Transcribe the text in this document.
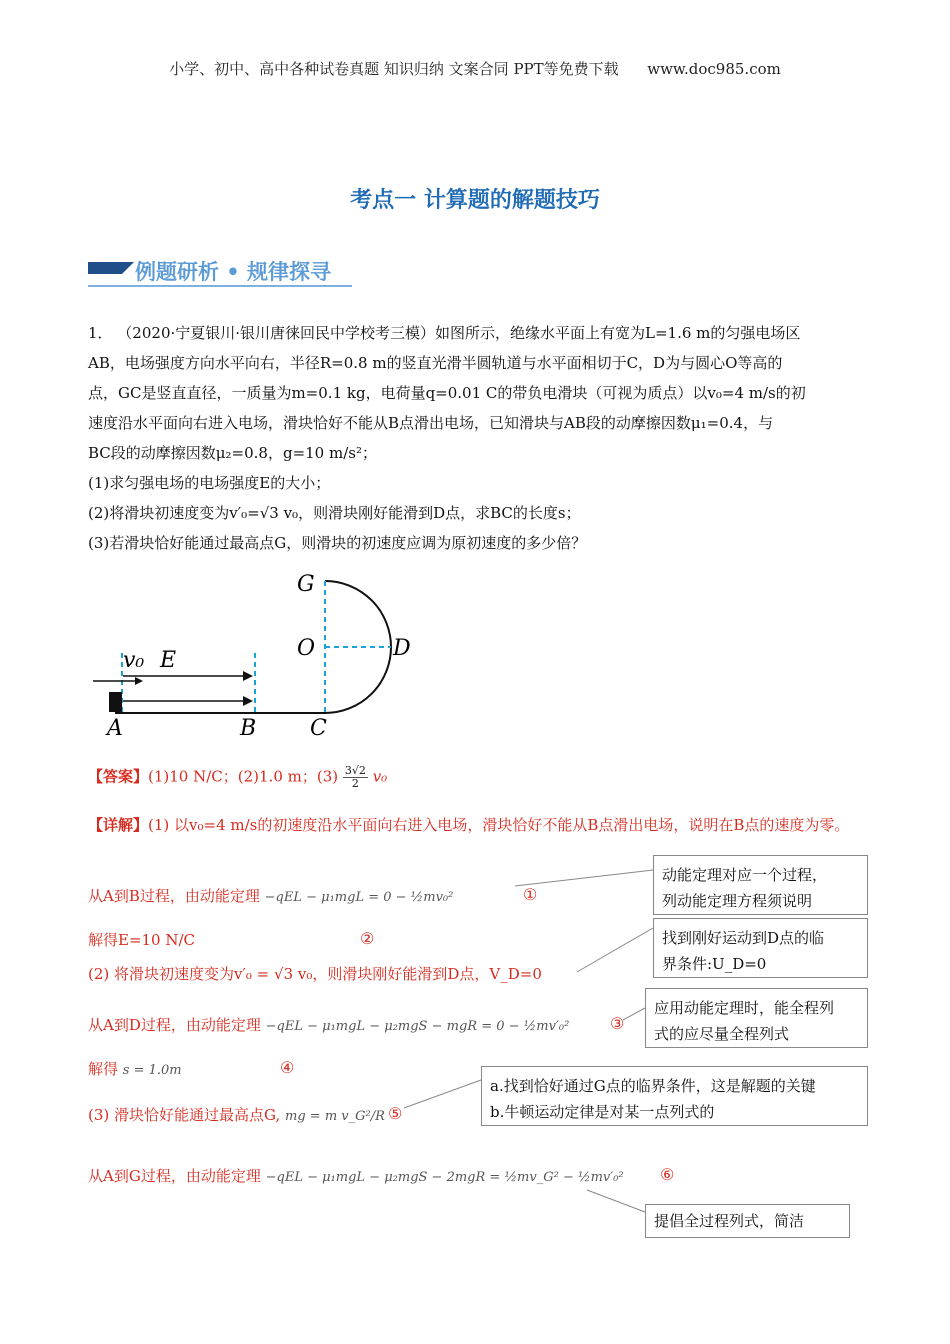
小学、初中、高中各种试卷真题 知识归纳 文案合同 PPT等免费下载 www.doc985.com
考点一 计算题的解题技巧
例题研析 • 规律探寻
1． （2020·宁夏银川·银川唐徕回民中学校考三模）如图所示，绝缘水平面上有宽为L=1.6 m的匀强电场区
AB，电场强度方向水平向右，半径R=0.8 m的竖直光滑半圆轨道与水平面相切于C，D为与圆心O等高的
点，GC是竖直直径，一质量为m=0.1 kg，电荷量q=0.01 C的带负电滑块（可视为质点）以v₀=4 m/s的初
速度沿水平面向右进入电场，滑块恰好不能从B点滑出电场，已知滑块与AB段的动摩擦因数μ₁=0.4，与
BC段的动摩擦因数μ₂=0.8，g=10 m/s²；
(1)求匀强电场的电场强度E的大小；
(2)将滑块初速度变为v′₀=√3 v₀，则滑块刚好能滑到D点，求BC的长度s；
(3)若滑块恰好能通过最高点G，则滑块的初速度应调为原初速度的多少倍？
G
O	D
v₀ E
A	B C
【答案】(1)10 N/C；(2)1.0 m；$(3) \frac{3√2}{2} v_0$
【详解】(1) 以v₀=4 m/s的初速度沿水平面向右进入电场，滑块恰好不能从B点滑出电场，说明在B点的速度为零。
从A到B过程，由动能定理 −qEL − μ₁mgL = 0 − ½mv₀²	①
解得E=10 N/C	②
(2) 将滑块初速度变为v′₀ = √3 v₀，则滑块刚好能滑到D点，V_D=0
从A到D过程，由动能定理 −qEL − μ₁mgL − μ₂mgS − mgR = 0 − ½mv′₀²	③
解得 s = 1.0m	④
(3) 滑块恰好能通过最高点G, mg = m v_G²/R ⑤
从A到G过程，由动能定理 −qEL − μ₁mgL − μ₂mgS − 2mgR = ½mv_G² − ½mv′₀² ⑥
动能定理对应一个过程，
列动能定理方程须说明
找到刚好运动到D点的临
界条件:U_D=0
应用动能定理时，能全程列
式的应尽量全程列式
a.找到恰好通过G点的临界条件，这是解题的关键
b.牛顿运动定律是对某一点列式的
提倡全过程列式，简洁
